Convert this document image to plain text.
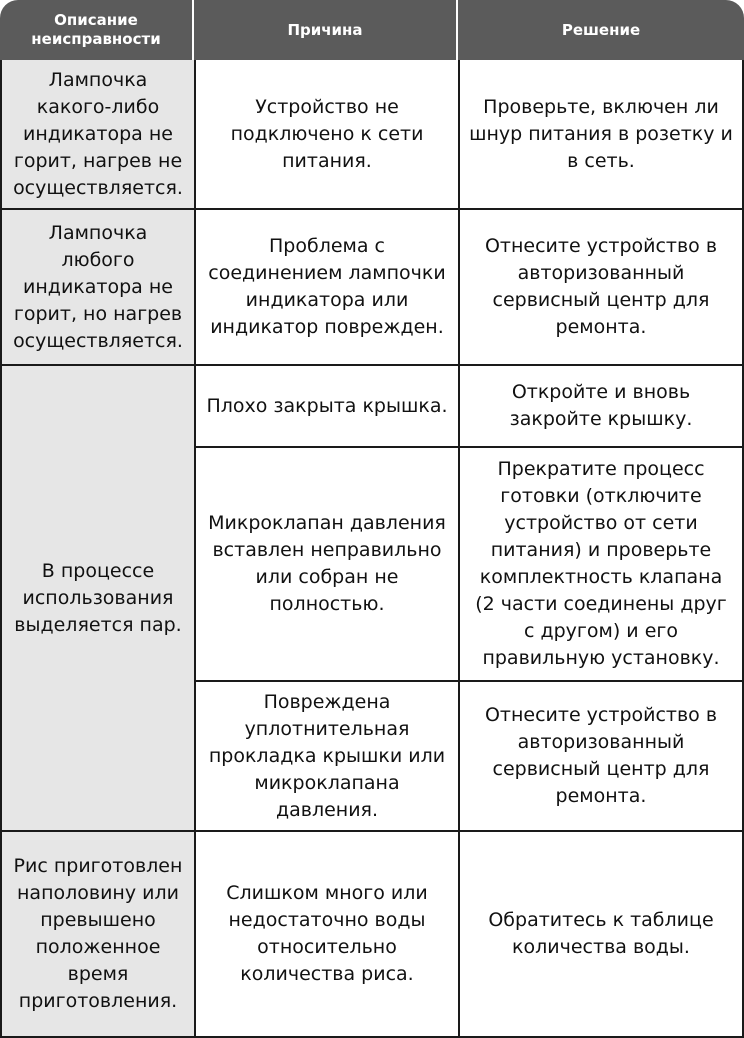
Описание неисправности	Причина	Решение
Лампочка какого-либо индикатора не горит, нагрев не осуществляется.	Устройство не подключено к сети питания.	Проверьте, включен ли шнур питания в розетку и в сеть.
Лампочка любого индикатора не горит, но нагрев осуществляется.	Проблема с соединением лампочки индикатора или индикатор поврежден.	Отнесите устройство в авторизованный сервисный центр для ремонта.
В процессе использования выделяется пар.	Плохо закрыта крышка.	Откройте и вновь закройте крышку.
	Микроклапан давления вставлен неправильно или собран не полностью.	Прекратите процесс готовки (отключите устройство от сети питания) и проверьте комплектность клапана (2 части соединены друг с другом) и его правильную установку.
	Повреждена уплотнительная прокладка крышки или микроклапана давления.	Отнесите устройство в авторизованный сервисный центр для ремонта.
Рис приготовлен наполовину или превышено положенное время приготовления.	Слишком много или недостаточно воды относительно количества риса.	Обратитесь к таблице количества воды.
